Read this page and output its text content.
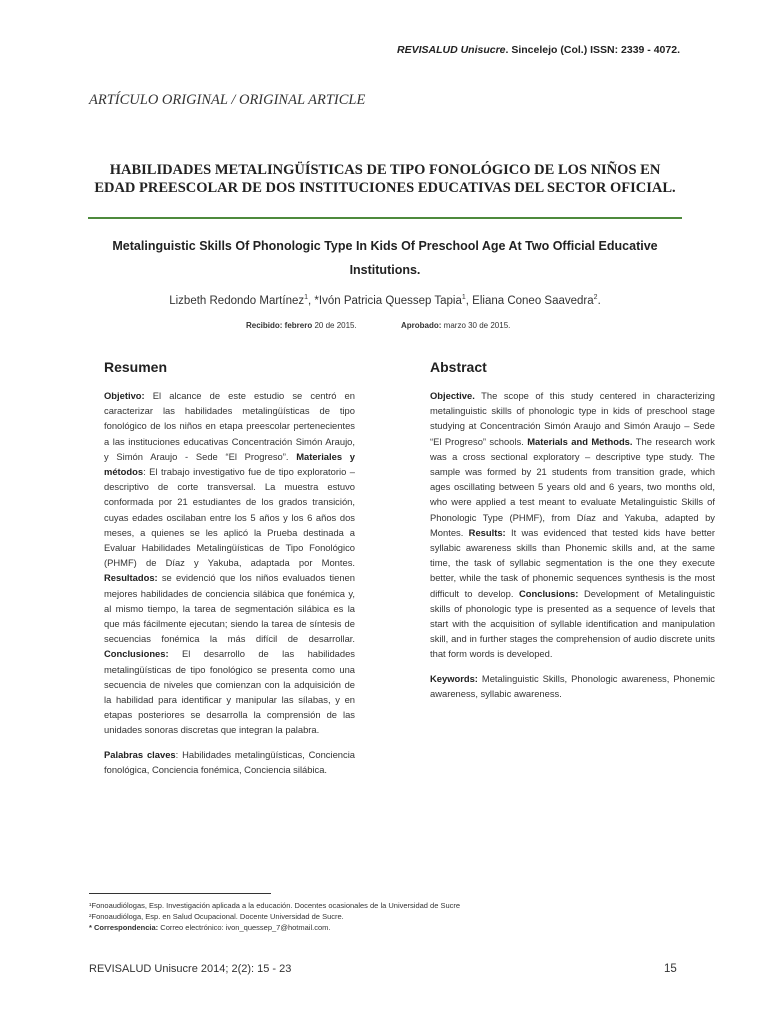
REVISALUD Unisucre. Sincelejo (Col.) ISSN: 2339 - 4072.
ARTÍCULO ORIGINAL / ORIGINAL ARTICLE
HABILIDADES METALINGÜÍSTICAS DE TIPO FONOLÓGICO DE LOS NIÑOS EN EDAD PREESCOLAR DE DOS INSTITUCIONES EDUCATIVAS DEL SECTOR OFICIAL.
Metalinguistic Skills Of Phonologic Type In Kids Of Preschool Age At Two Official Educative Institutions.
Lizbeth Redondo Martínez$^1$, *Ivón Patricia Quessep Tapia$^1$, Eliana Coneo Saavedra$^2$.
Recibido: febrero 20 de 2015.	Aprobado: marzo 30 de 2015.
Resumen	Abstract

Objetivo: El alcance de este estudio se centró en caracterizar las habilidades metalingüísticas de tipo fonológico de los niños en etapa preescolar pertenecientes a las instituciones educativas Concentración Simón Araujo, y Simón Araujo - Sede “El Progreso”. Materiales y métodos: El trabajo investigativo fue de tipo exploratorio – descriptivo de corte transversal. La muestra estuvo conformada por 21 estudiantes de los grados transición, cuyas edades oscilaban entre los 5 años y los 6 años dos meses, a quienes se les aplicó la Prueba destinada a Evaluar Habilidades Metalingüísticas de Tipo Fonológico (PHMF) de Díaz y Yakuba, adaptada por Montes. Resultados: se evidenció que los niños evaluados tienen mejores habilidades de conciencia silábica que fonémica y, al mismo tiempo, la tarea de segmentación silábica es la que más fácilmente ejecutan; siendo la tarea de síntesis de secuencias fonémica la más difícil de desarrollar. Conclusiones: El desarrollo de las habilidades metalingüísticas de tipo fonológico se presenta como una secuencia de niveles que comienzan con la adquisición de la habilidad para identificar y manipular las sílabas, y en etapas posteriores se desarrolla la comprensión de las unidades sonoras discretas que integran la palabra.

Palabras claves: Habilidades metalingüísticas, Conciencia fonológica, Conciencia fonémica, Conciencia silábica.

Objective. The scope of this study centered in characterizing metalinguistic skills of phonologic type in kids of preschool stage studying at Concentración Simón Araujo and Simón Araujo – Sede “El Progreso” schools. Materials and Methods. The research work was a cross sectional exploratory – descriptive type study. The sample was formed by 21 students from transition grade, which ages oscillating between 5 years old and 6 years, two months old, who were applied a test meant to evaluate Metalinguistic Skills of Phonologic Type (PHMF), from Díaz and Yakuba, adapted by Montes. Results: It was evidenced that tested kids have better syllabic awareness skills than Phonemic skills and, at the same time, the task of syllabic segmentation is the one they execute better, while the task of phonemic sequences synthesis is the most difficult to develop. Conclusions: Development of Metalinguistic skills of phonologic type is presented as a sequence of levels that start with the acquisition of syllable identification and manipulation skill, and in further stages the comprehension of audio discrete units that form words is developed.

Keywords: Metalinguistic Skills, Phonologic awareness, Phonemic awareness, syllabic awareness.

¹Fonoaudiólogas, Esp. Investigación aplicada a la educación. Docentes ocasionales de la Universidad de Sucre
²Fonoaudióloga, Esp. en Salud Ocupacional. Docente Universidad de Sucre.
* Correspondencia: Correo electrónico: ivon_quessep_7@hotmail.com.
REVISALUD Unisucre 2014; 2(2): 15 - 23	15
